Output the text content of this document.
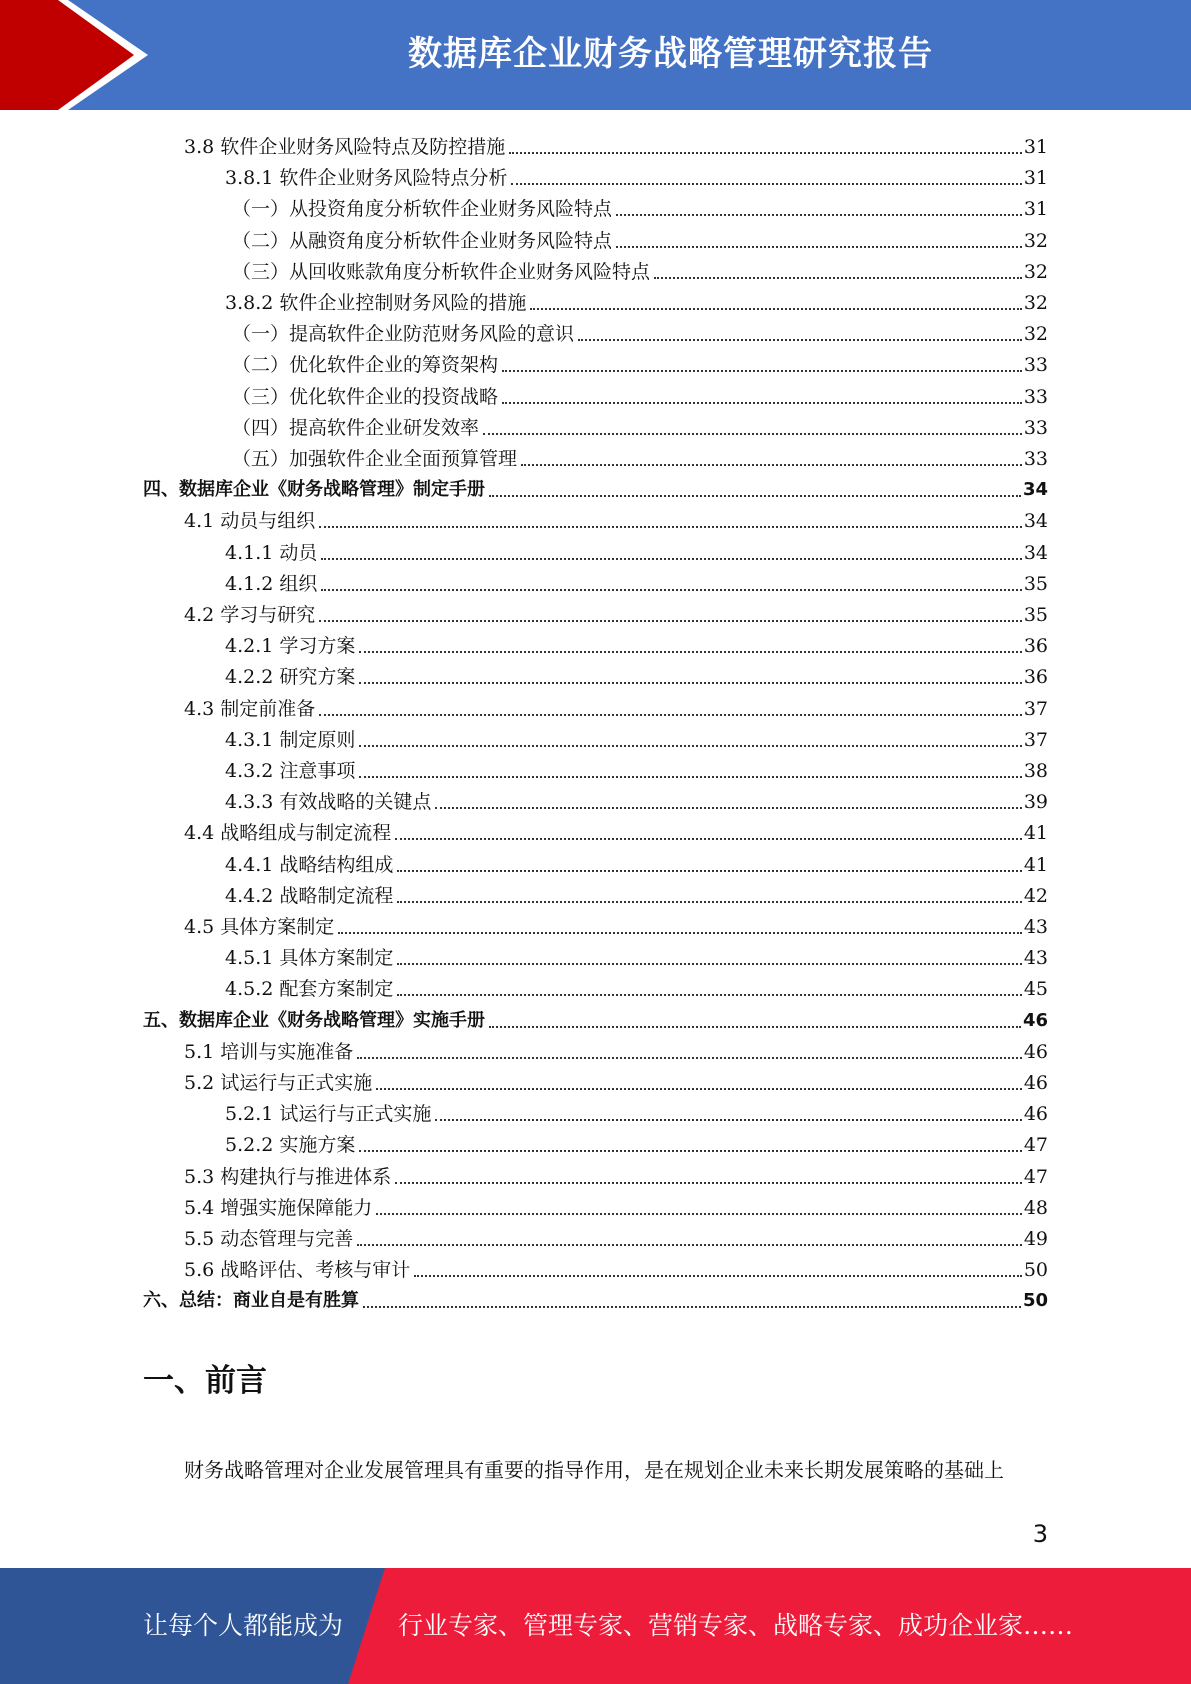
数据库企业财务战略管理研究报告
3.8 软件企业财务风险特点及防控措施	31
3.8.1 软件企业财务风险特点分析	31
（一）从投资角度分析软件企业财务风险特点	31
（二）从融资角度分析软件企业财务风险特点	32
（三）从回收账款角度分析软件企业财务风险特点	32
3.8.2 软件企业控制财务风险的措施	32
（一）提高软件企业防范财务风险的意识	32
（二）优化软件企业的筹资架构	33
（三）优化软件企业的投资战略	33
（四）提高软件企业研发效率	33
（五）加强软件企业全面预算管理	33
四、数据库企业《财务战略管理》制定手册	34
4.1 动员与组织	34
4.1.1 动员	34
4.1.2 组织	35
4.2 学习与研究	35
4.2.1 学习方案	36
4.2.2 研究方案	36
4.3 制定前准备	37
4.3.1 制定原则	37
4.3.2 注意事项	38
4.3.3 有效战略的关键点	39
4.4 战略组成与制定流程	41
4.4.1 战略结构组成	41
4.4.2 战略制定流程	42
4.5 具体方案制定	43
4.5.1 具体方案制定	43
4.5.2 配套方案制定	45
五、数据库企业《财务战略管理》实施手册	46
5.1 培训与实施准备	46
5.2 试运行与正式实施	46
5.2.1 试运行与正式实施	46
5.2.2 实施方案	47
5.3 构建执行与推进体系	47
5.4 增强实施保障能力	48
5.5 动态管理与完善	49
5.6 战略评估、考核与审计	50
六、总结：商业自是有胜算	50
一、前言
财务战略管理对企业发展管理具有重要的指导作用，是在规划企业未来长期发展策略的基础上
3
让每个人都能成为 行业专家、管理专家、营销专家、战略专家、成功企业家……
